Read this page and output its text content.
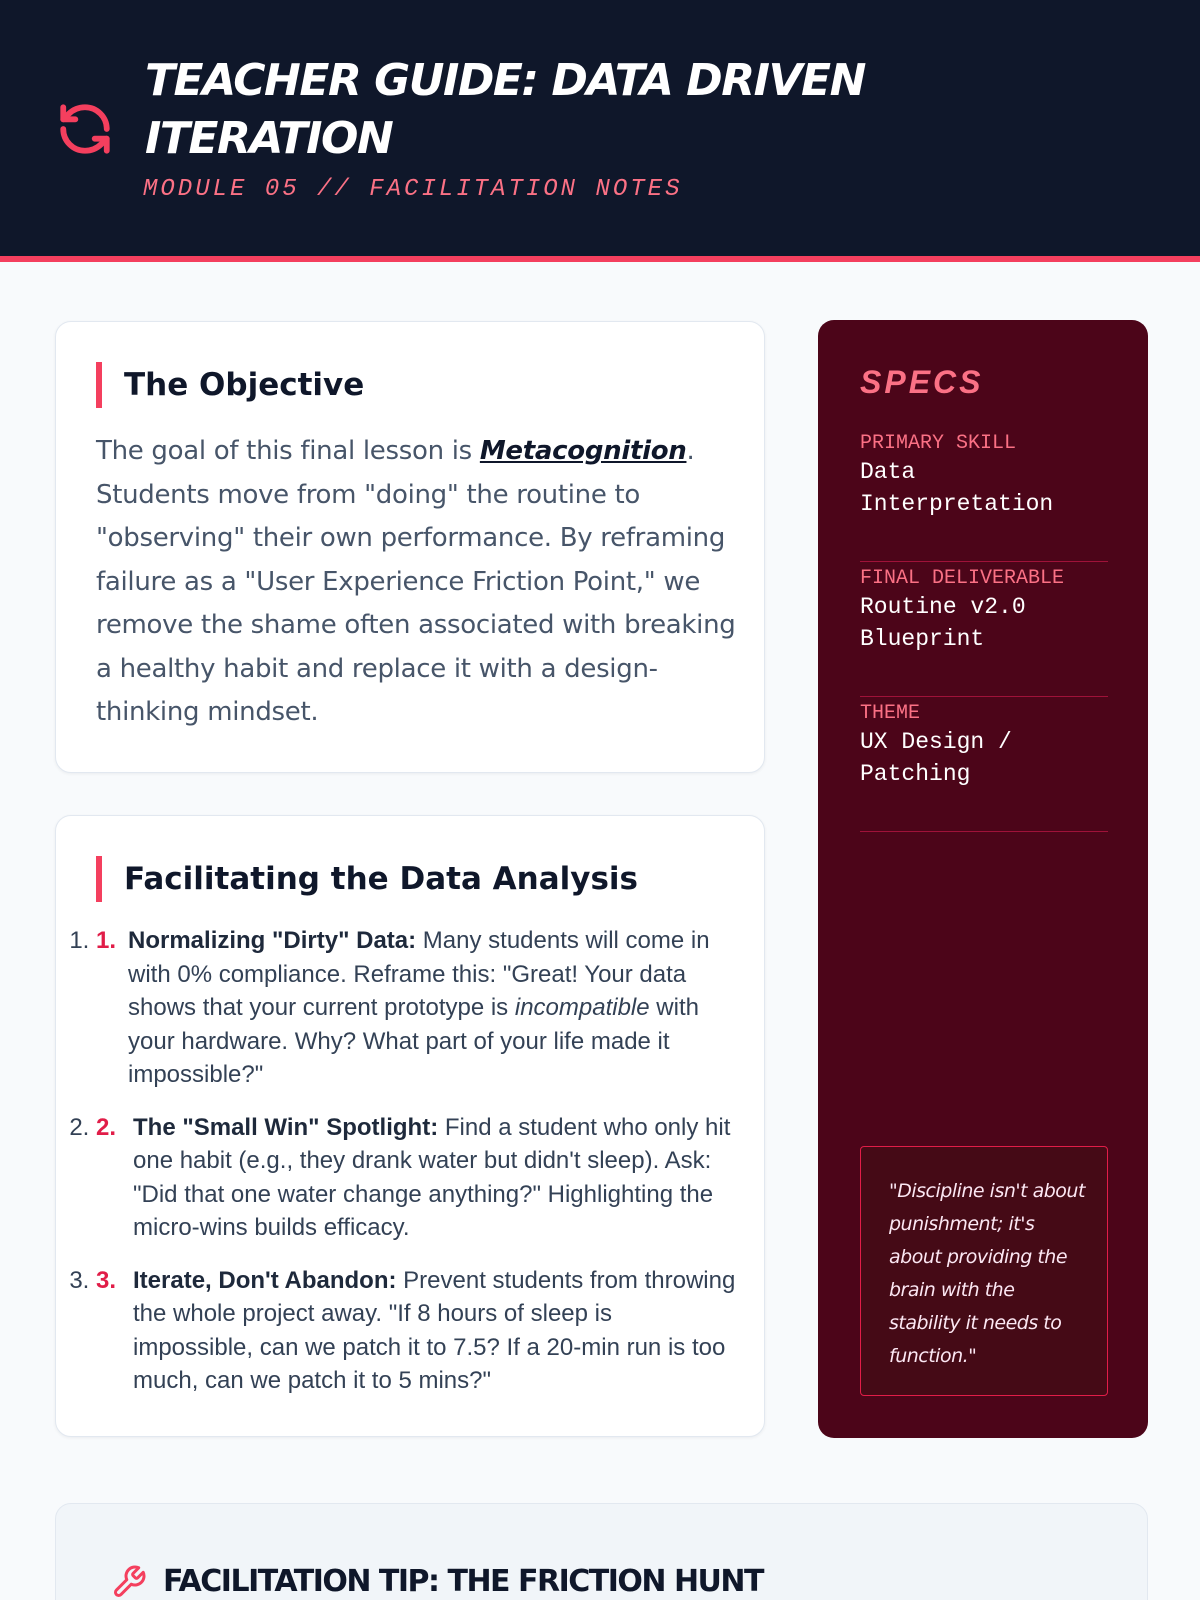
TEACHER GUIDE: DATA DRIVEN ITERATION
MODULE 05 // FACILITATION NOTES
The Objective

The goal of this final lesson is Metacognition. Students move from "doing" the routine to "observing" their own performance. By reframing failure as a "User Experience Friction Point," we remove the shame often associated with breaking a healthy habit and replace it with a design-thinking mindset.

Facilitating the Data Analysis
1. 1. Normalizing "Dirty" Data: Many students will come in with 0% compliance. Reframe this: "Great! Your data shows that your current prototype is incompatible with your hardware. Why? What part of your life made it impossible?"
2. 2. The "Small Win" Spotlight: Find a student who only hit one habit (e.g., they drank water but didn't sleep). Ask: "Did that one water change anything?" Highlighting the micro-wins builds efficacy.
3. 3. Iterate, Don't Abandon: Prevent students from throwing the whole project away. "If 8 hours of sleep is impossible, can we patch it to 7.5? If a 20-min run is too much, can we patch it to 5 mins?"
SPECS
PRIMARY SKILL
Data Interpretation
FINAL DELIVERABLE
Routine v2.0 Blueprint
THEME
UX Design / Patching

"Discipline isn't about punishment; it's about providing the brain with the stability it needs to function."

FACILITATION TIP: THE FRICTION HUNT
